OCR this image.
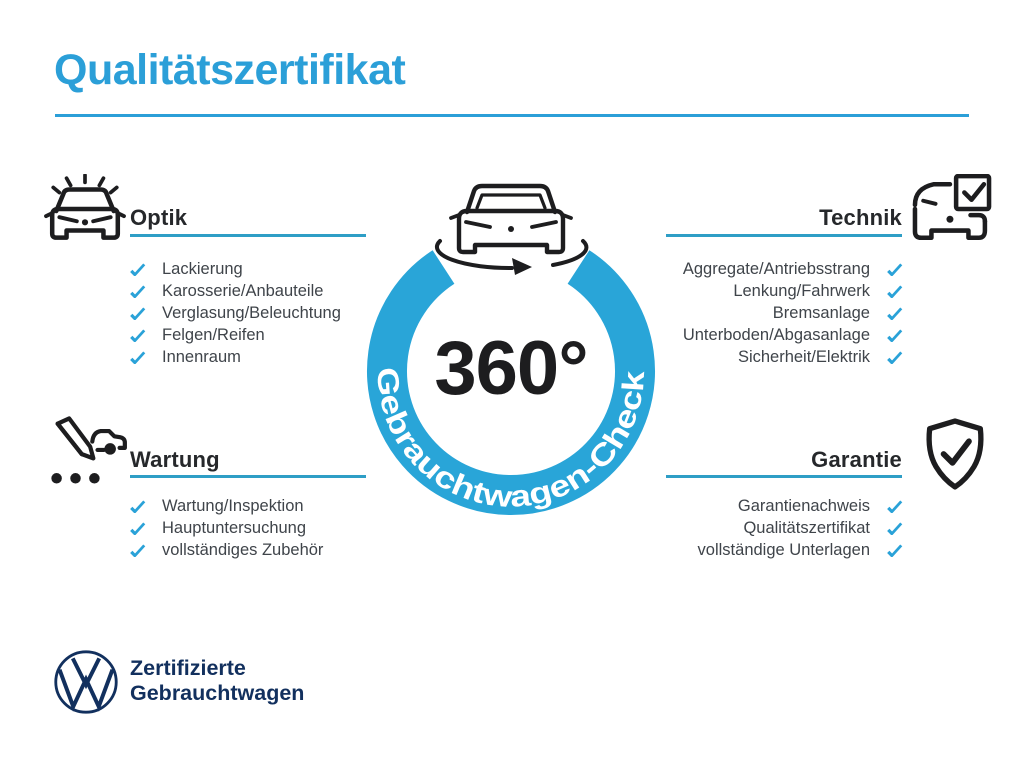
Qualitätszertifikat
Optik
Lackierung
Karosserie/Anbauteile
Verglasung/Beleuchtung
Felgen/Reifen
Innenraum
Technik
Aggregate/Antriebsstrang
Lenkung/Fahrwerk
Bremsanlage
Unterboden/Abgasanlage
Sicherheit/Elektrik
Wartung
Wartung/Inspektion
Hauptuntersuchung
vollständiges Zubehör
Garantie
Garantienachweis
Qualitätszertifikat
vollständige Unterlagen
Gebrauchtwagen-Check
360°
Zertifizierte
Gebrauchtwagen
